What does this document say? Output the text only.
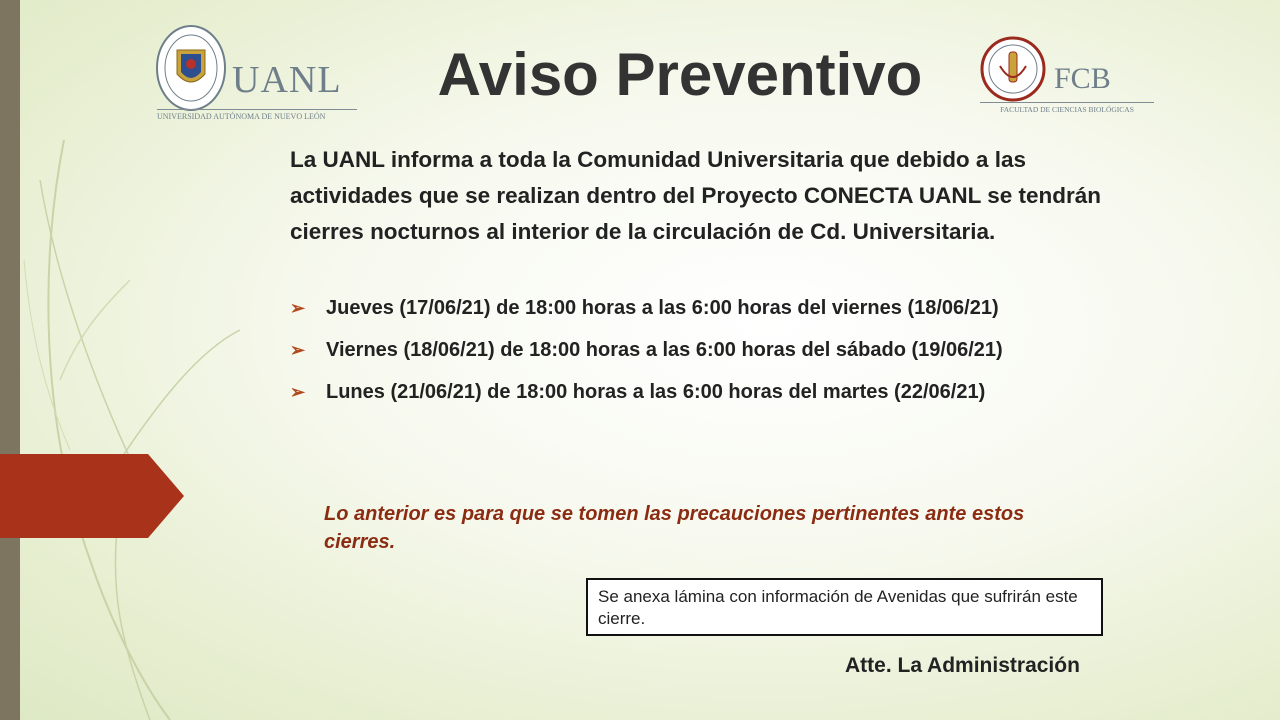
UANL
UNIVERSIDAD AUTÓNOMA DE NUEVO LEÓN
Aviso Preventivo	FCB
FACULTAD DE CIENCIAS BIOLÓGICAS

La UANL informa a toda la Comunidad Universitaria que debido a las actividades que se realizan dentro del Proyecto CONECTA UANL se tendrán cierres nocturnos al interior de la circulación de Cd. Universitaria.

➢ Jueves (17/06/21) de 18:00 horas a las 6:00 horas del viernes (18/06/21)
➢ Viernes (18/06/21) de 18:00 horas a las 6:00 horas del sábado (19/06/21)
➢ Lunes (21/06/21) de 18:00 horas a las 6:00 horas del martes (22/06/21)

Lo anterior es para que se tomen las precauciones pertinentes ante estos cierres.

Se anexa lámina con información de Avenidas que sufrirán este cierre.
Atte. La Administración
